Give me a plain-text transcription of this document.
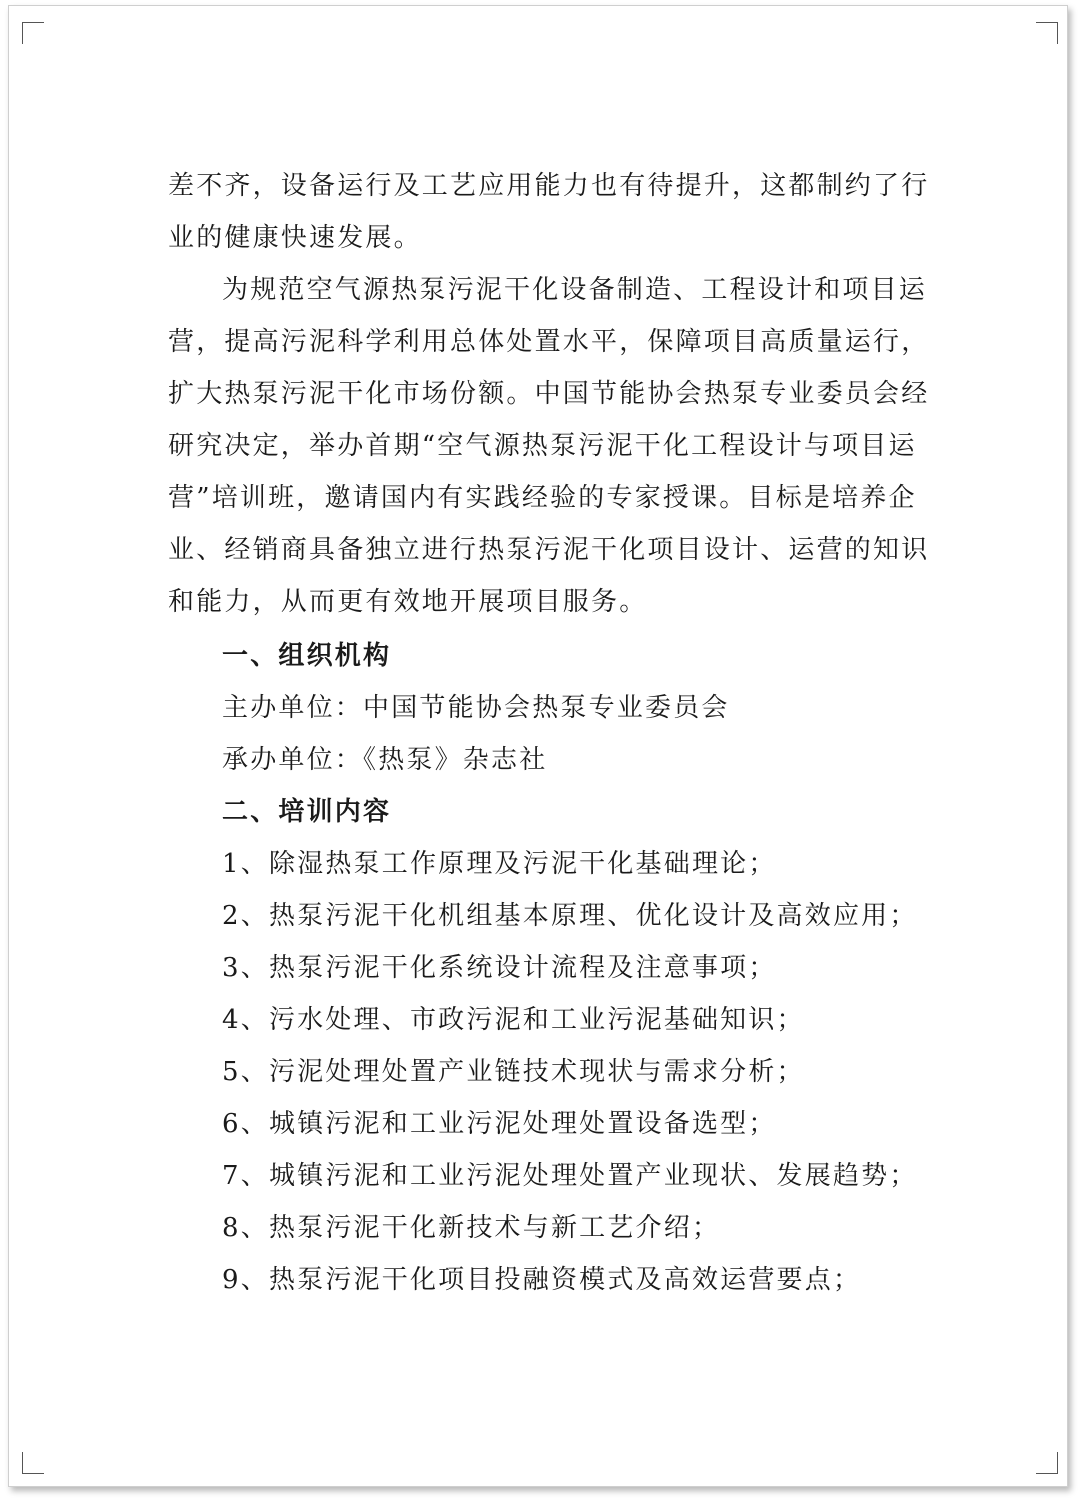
差不齐，设备运行及工艺应用能力也有待提升，这都制约了行
业的健康快速发展。
为规范空气源热泵污泥干化设备制造、工程设计和项目运
营，提高污泥科学利用总体处置水平，保障项目高质量运行，
扩大热泵污泥干化市场份额。中国节能协会热泵专业委员会经
研究决定，举办首期“空气源热泵污泥干化工程设计与项目运
营”培训班，邀请国内有实践经验的专家授课。目标是培养企
业、经销商具备独立进行热泵污泥干化项目设计、运营的知识
和能力，从而更有效地开展项目服务。
一、组织机构
主办单位：中国节能协会热泵专业委员会
承办单位：《热泵》杂志社
二、培训内容
1、除湿热泵工作原理及污泥干化基础理论；
2、热泵污泥干化机组基本原理、优化设计及高效应用；
3、热泵污泥干化系统设计流程及注意事项；
4、污水处理、市政污泥和工业污泥基础知识；
5、污泥处理处置产业链技术现状与需求分析；
6、城镇污泥和工业污泥处理处置设备选型；
7、城镇污泥和工业污泥处理处置产业现状、发展趋势；
8、热泵污泥干化新技术与新工艺介绍；
9、热泵污泥干化项目投融资模式及高效运营要点；
